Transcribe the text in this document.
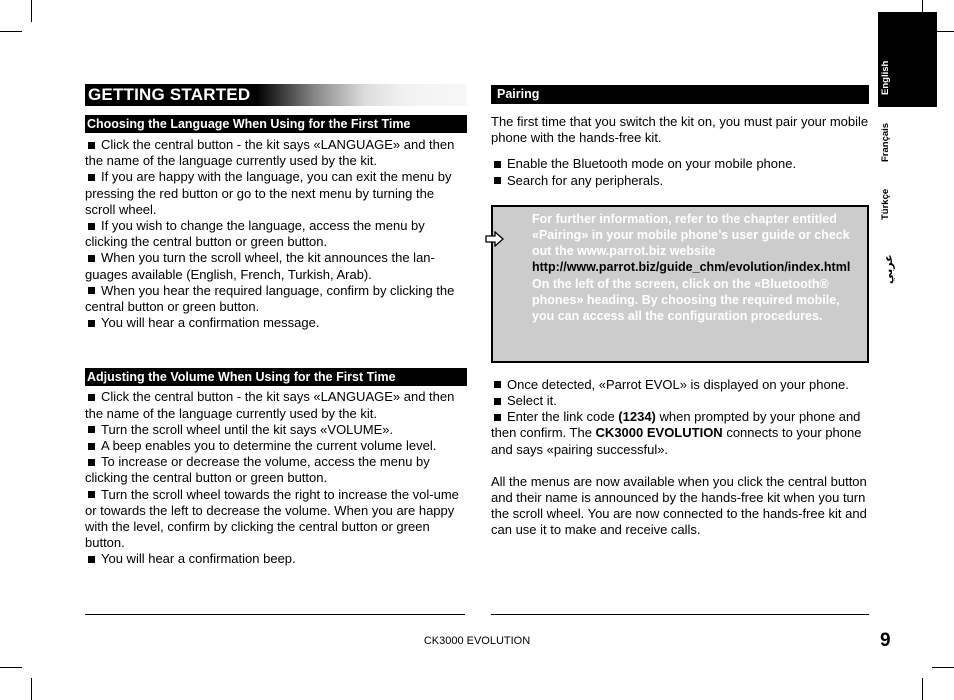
English
Français
Türkçe
عربي
GETTING STARTED
Choosing the Language When Using for the First Time

Click the central button - the kit says «LANGUAGE» and then the name of the language currently used by the kit.

If you are happy with the language, you can exit the menu by pressing the red button or go to the next menu by turning the scroll wheel.

If you wish to change the language, access the menu by clicking the central button or green button.

When you turn the scroll wheel, the kit announces the lan-guages available (English, French, Turkish, Arab).

When you hear the required language, confirm by clicking the central button or green button.

You will hear a confirmation message.

Adjusting the Volume When Using for the First Time

Click the central button - the kit says «LANGUAGE» and then the name of the language currently used by the kit.

Turn the scroll wheel until the kit says «VOLUME».

A beep enables you to determine the current volume level.

To increase or decrease the volume, access the menu by clicking the central button or green button.

Turn the scroll wheel towards the right to increase the vol-ume or towards the left to decrease the volume. When you are happy with the level, confirm by clicking the central button or green button.

You will hear a confirmation beep.

Pairing

The first time that you switch the kit on, you must pair your mobile phone with the hands-free kit.

Enable the Bluetooth mode on your mobile phone.

Search for any peripherals.

For further information, refer to the chapter entitled «Pairing» in your mobile phone’s user guide or check out the www.parrot.biz website
http://www.parrot.biz/guide_chm/evolution/index.html
On the left of the screen, click on the «Bluetooth® phones» heading. By choosing the required mobile, you can access all the configuration procedures.

Once detected, «Parrot EVOL» is displayed on your phone.

Select it.

Enter the link code (1234) when prompted by your phone and then confirm. The CK3000 EVOLUTION connects to your phone and says «pairing successful».

All the menus are now available when you click the central button and their name is announced by the hands-free kit when you turn the scroll wheel. You are now connected to the hands-free kit and can use it to make and receive calls.

CK3000 EVOLUTION	9
